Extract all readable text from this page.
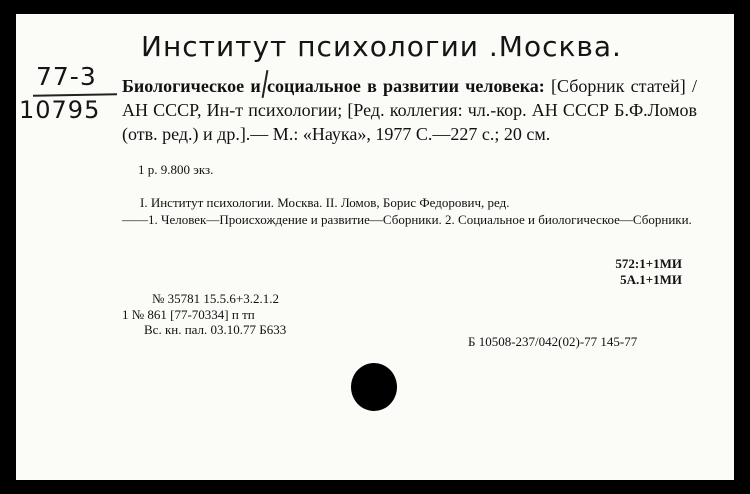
Институт психологии .Москва.
77-3
10795
Биологическое и социальное в развитии человека: [Сборник статей] / АН СССР, Ин-т психологии; [Ред. коллегия: чл.-кор. АН СССР Б.Ф.Ломов (отв. ред.) и др.].— М.: «Наука», 1977 С.—227 с.; 20 см.
1 р. 9.800 экз.
I. Институт психологии. Москва. II. Ломов, Борис Федорович, ред.
——1. Человек—Происхождение и развитие—Сборники. 2. Социальное и биологическое—Сборники.
572:1+1МИ
5А.1+1МИ
№ 35781 15.5.6+3.2.1.2
1 № 861 [77-70334] п тп
Вс. кн. пал. 03.10.77 Б633
Б 10508-237/042(02)-77 145-77
